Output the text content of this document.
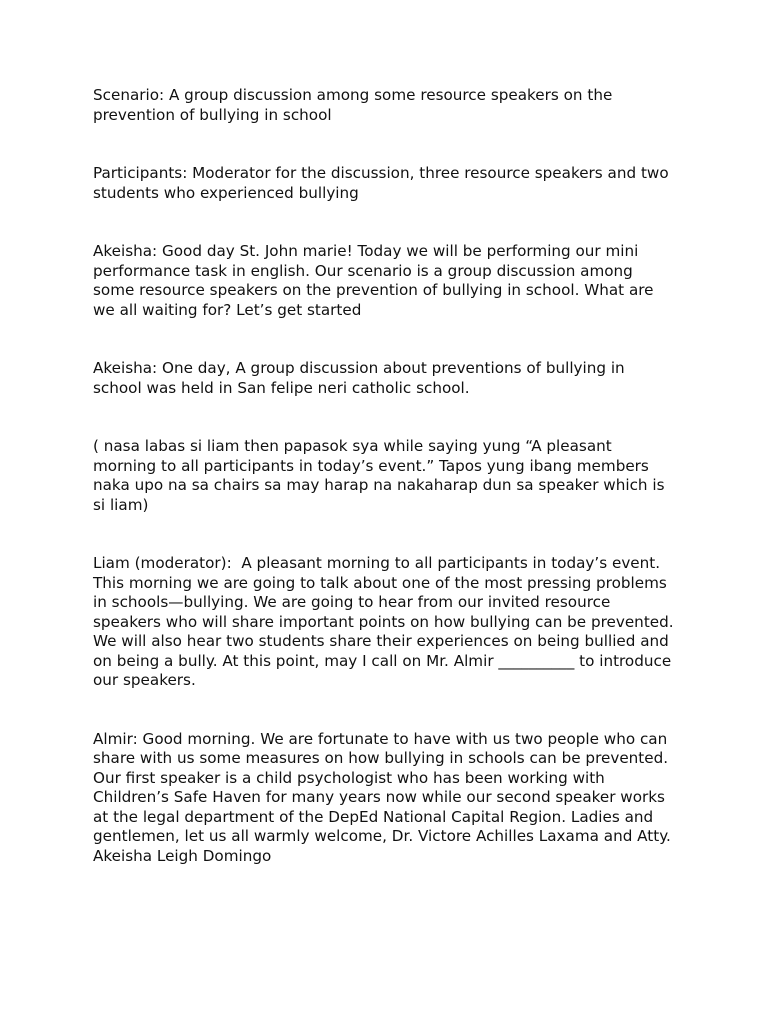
Scenario: A group discussion among some resource speakers on the prevention of bullying in school

Participants: Moderator for the discussion, three resource speakers and two students who experienced bullying

Akeisha: Good day St. John marie! Today we will be performing our mini performance task in english. Our scenario is a group discussion among some resource speakers on the prevention of bullying in school. What are we all waiting for? Let’s get started

Akeisha: One day, A group discussion about preventions of bullying in school was held in San felipe neri catholic school.

( nasa labas si liam then papasok sya while saying yung “A pleasant morning to all participants in today’s event.” Tapos yung ibang members naka upo na sa chairs sa may harap na nakaharap dun sa speaker which is si liam)

Liam (moderator):  A pleasant morning to all participants in today’s event. This morning we are going to talk about one of the most pressing problems in schools—bullying. We are going to hear from our invited resource speakers who will share important points on how bullying can be prevented. We will also hear two students share their experiences on being bullied and on being a bully. At this point, may I call on Mr. Almir __________ to introduce our speakers.

Almir: Good morning. We are fortunate to have with us two people who can share with us some measures on how bullying in schools can be prevented. Our first speaker is a child psychologist who has been working with Children’s Safe Haven for many years now while our second speaker works at the legal department of the DepEd National Capital Region. Ladies and gentlemen, let us all warmly welcome, Dr. Victore Achilles Laxama and Atty. Akeisha Leigh Domingo
